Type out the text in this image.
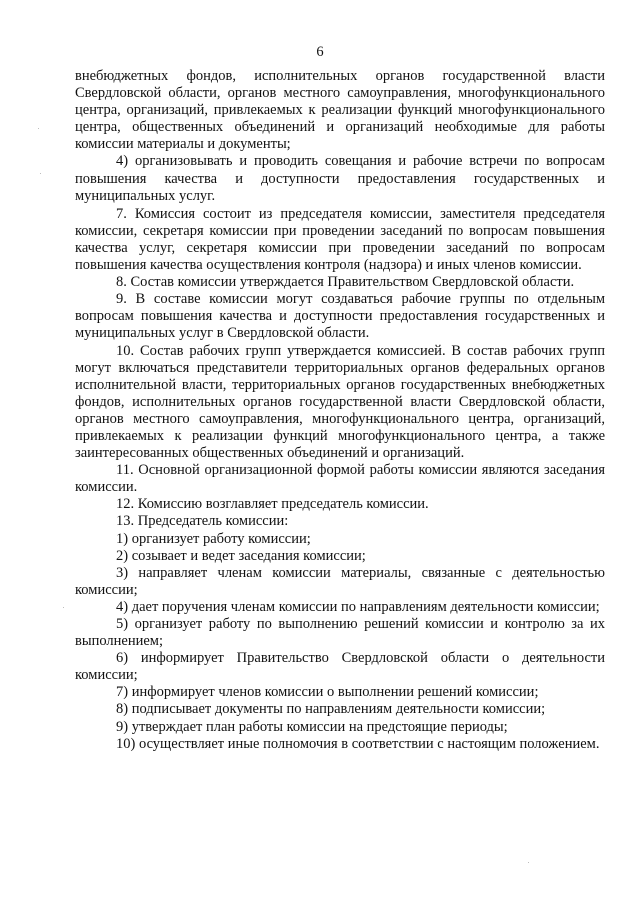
6

внебюджетных фондов, исполнительных органов государственной власти Свердловской области, органов местного самоуправления, многофункционального центра, организаций, привлекаемых к реализации функций многофункционального центра, общественных объединений и организаций необходимые для работы комиссии материалы и документы;

4) организовывать и проводить совещания и рабочие встречи по вопросам повышения качества и доступности предоставления государственных и муниципальных услуг.

7. Комиссия состоит из председателя комиссии, заместителя председателя комиссии, секретаря комиссии при проведении заседаний по вопросам повышения качества услуг, секретаря комиссии при проведении заседаний по вопросам повышения качества осуществления контроля (надзора) и иных членов комиссии.

8. Состав комиссии утверждается Правительством Свердловской области.

9. В составе комиссии могут создаваться рабочие группы по отдельным вопросам повышения качества и доступности предоставления государственных и муниципальных услуг в Свердловской области.

10. Состав рабочих групп утверждается комиссией. В состав рабочих групп могут включаться представители территориальных органов федеральных органов исполнительной власти, территориальных органов государственных внебюджетных фондов, исполнительных органов государственной власти Свердловской области, органов местного самоуправления, многофункционального центра, организаций, привлекаемых к реализации функций многофункционального центра, а также заинтересованных общественных объединений и организаций.

11. Основной организационной формой работы комиссии являются заседания комиссии.

12. Комиссию возглавляет председатель комиссии.

13. Председатель комиссии:

1) организует работу комиссии;

2) созывает и ведет заседания комиссии;

3) направляет членам комиссии материалы, связанные с деятельностью комиссии;

4) дает поручения членам комиссии по направлениям деятельности комиссии;

5) организует работу по выполнению решений комиссии и контролю за их выполнением;

6) информирует Правительство Свердловской области о деятельности комиссии;

7) информирует членов комиссии о выполнении решений комиссии;

8) подписывает документы по направлениям деятельности комиссии;

9) утверждает план работы комиссии на предстоящие периоды;

10) осуществляет иные полномочия в соответствии с настоящим положением.
